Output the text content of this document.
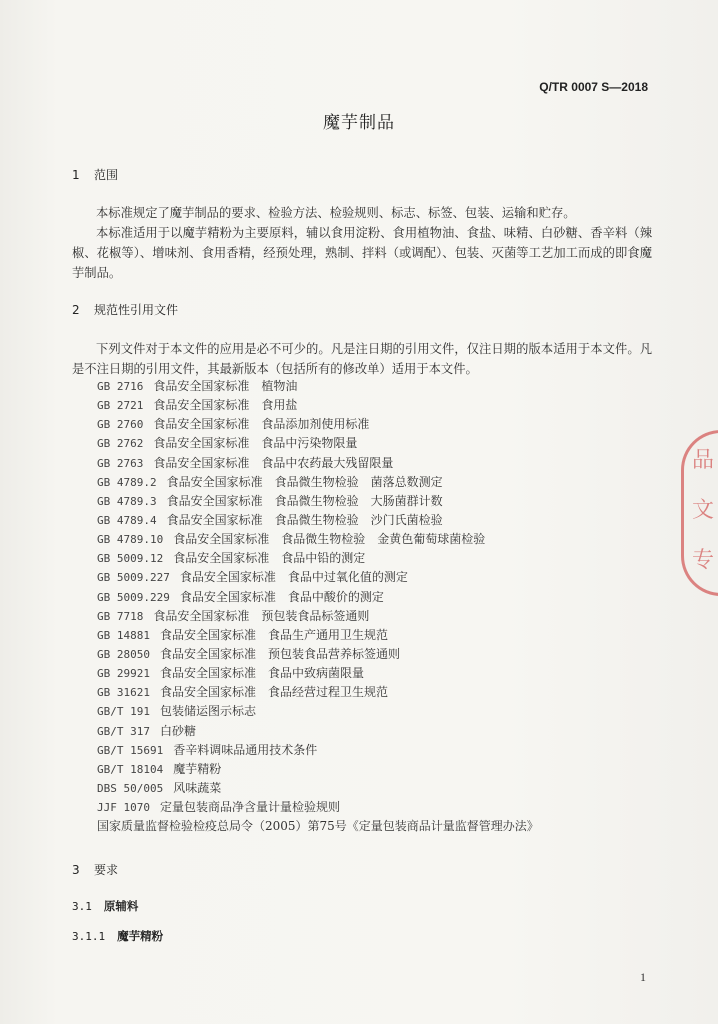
Q/TR 0007 S—2018
魔芋制品
1 范围
本标准规定了魔芋制品的要求、检验方法、检验规则、标志、标签、包装、运输和贮存。
本标准适用于以魔芋精粉为主要原料，辅以食用淀粉、食用植物油、食盐、味精、白砂糖、香辛料（辣椒、花椒等）、增味剂、食用香精，经预处理，熟制、拌料（或调配）、包装、灭菌等工艺加工而成的即食魔芋制品。
2 规范性引用文件
下列文件对于本文件的应用是必不可少的。凡是注日期的引用文件，仅注日期的版本适用于本文件。凡是不注日期的引用文件，其最新版本（包括所有的修改单）适用于本文件。
GB 2716 食品安全国家标准 植物油
GB 2721 食品安全国家标准 食用盐
GB 2760 食品安全国家标准 食品添加剂使用标准
GB 2762 食品安全国家标准 食品中污染物限量
GB 2763 食品安全国家标准 食品中农药最大残留限量
GB 4789.2 食品安全国家标准 食品微生物检验　菌落总数测定
GB 4789.3 食品安全国家标准 食品微生物检验　大肠菌群计数
GB 4789.4 食品安全国家标准 食品微生物检验　沙门氏菌检验
GB 4789.10 食品安全国家标准 食品微生物检验　金黄色葡萄球菌检验
GB 5009.12 食品安全国家标准 食品中铅的测定
GB 5009.227 食品安全国家标准 食品中过氧化值的测定
GB 5009.229 食品安全国家标准 食品中酸价的测定
GB 7718 食品安全国家标准 预包装食品标签通则
GB 14881 食品安全国家标准 食品生产通用卫生规范
GB 28050 食品安全国家标准 预包装食品营养标签通则
GB 29921 食品安全国家标准 食品中致病菌限量
GB 31621 食品安全国家标准 食品经营过程卫生规范
GB/T 191 包装储运图示标志
GB/T 317 白砂糖
GB/T 15691 香辛料调味品通用技术条件
GB/T 18104 魔芋精粉
DBS 50/005 风味蔬菜
JJF 1070 定量包装商品净含量计量检验规则
国家质量监督检验检疫总局令（2005）第75号《定量包装商品计量监督管理办法》
3 要求
3.1 原辅料
3.1.1 魔芋精粉
1
品
文
专
